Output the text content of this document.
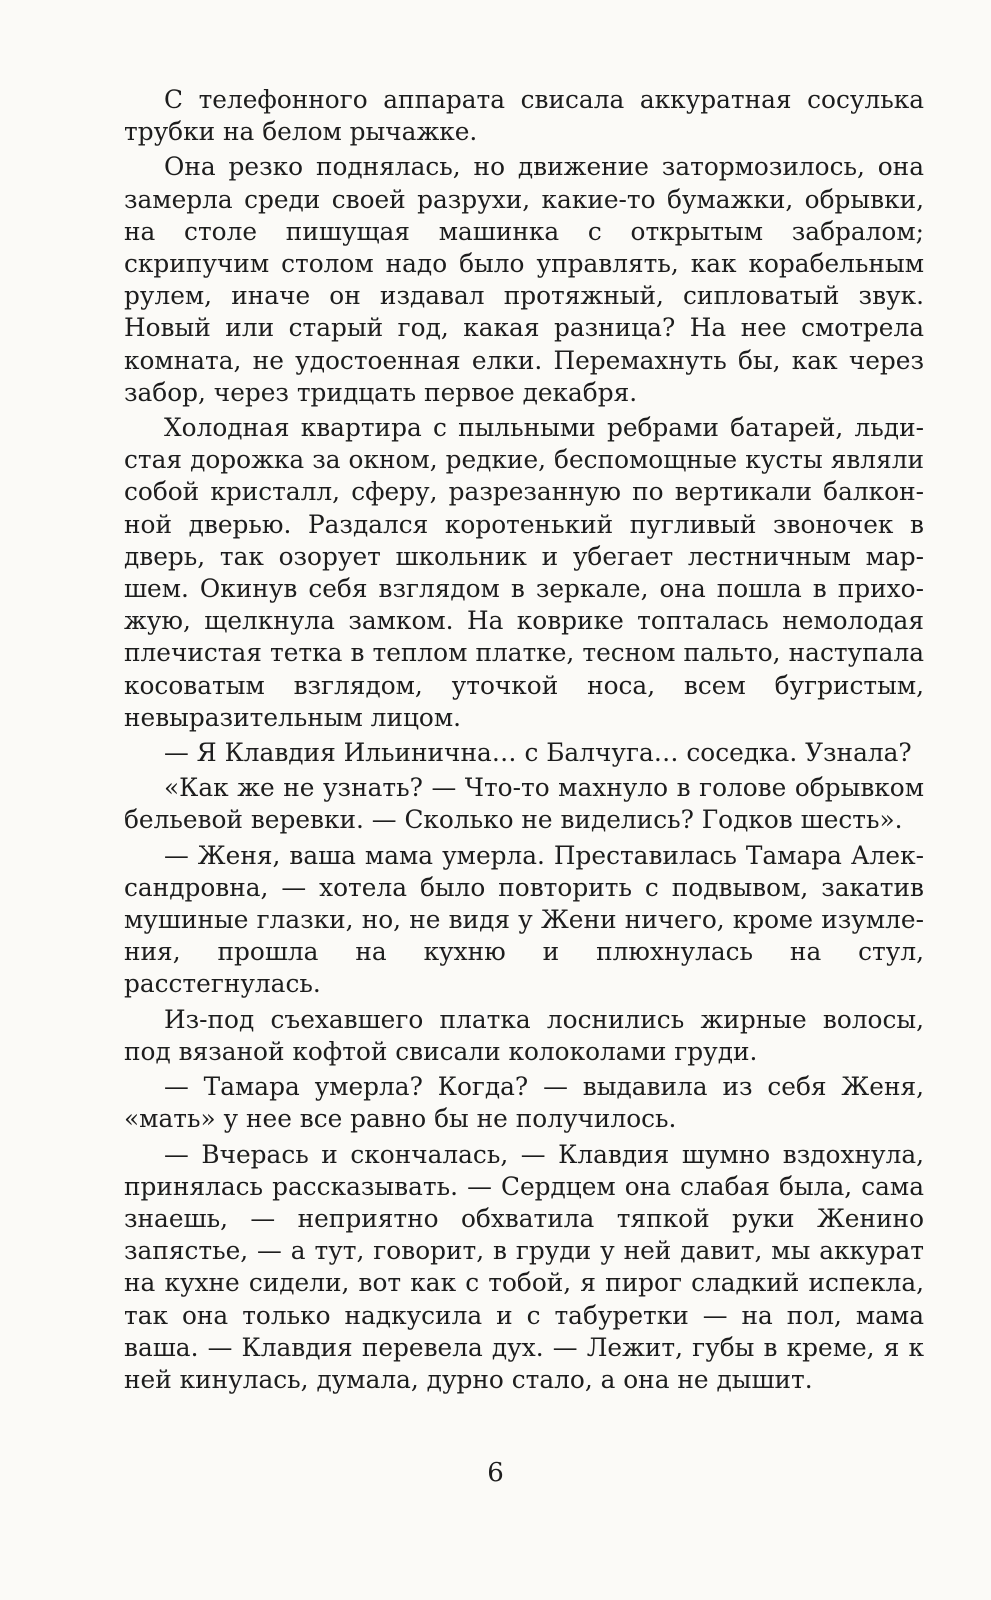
С телефонного аппарата свисала аккуратная сосулька трубки на белом рычажке.

Она резко поднялась, но движение затормозилось, она замерла среди своей разрухи, какие-то бумажки, обрывки, на столе пишущая машинка с открытым забралом; скрипучим столом надо было управлять, как корабельным рулем, иначе он издавал протяжный, сипловатый звук. Новый или старый год, какая разница? На нее смотрела комната, не удостоенная елки. Перемахнуть бы, как через забор, через тридцать первое декабря.

Холодная квартира с пыльными ребрами батарей, льдистая дорожка за окном, редкие, беспомощные кусты являли собой кристалл, сферу, разрезанную по вертикали балконной дверью. Раздался коротенький пугливый звоночек в дверь, так озорует школьник и убегает лестничным маршем. Окинув себя взглядом в зеркале, она пошла в прихожую, щелкнула замком. На коврике топталась немолодая плечистая тетка в теплом платке, тесном пальто, наступала косоватым взглядом, уточкой носа, всем бугристым, невыразительным лицом.

— Я Клавдия Ильинична… с Балчуга… соседка. Узнала?

«Как же не узнать? — Что-то махнуло в голове обрывком бельевой веревки. — Сколько не виделись? Годков шесть».

— Женя, ваша мама умерла. Преставилась Тамара Александровна, — хотела было повторить с подвывом, закатив мушиные глазки, но, не видя у Жени ничего, кроме изумления, прошла на кухню и плюхнулась на стул, расстегнулась.

Из-под съехавшего платка лоснились жирные волосы, под вязаной кофтой свисали колоколами груди.

— Тамара умерла? Когда? — выдавила из себя Женя, «мать» у нее все равно бы не получилось.

— Вчерась и скончалась, — Клавдия шумно вздохнула, принялась рассказывать. — Сердцем она слабая была, сама знаешь, — неприятно обхватила тяпкой руки Женино запястье, — а тут, говорит, в груди у ней давит, мы аккурат на кухне сидели, вот как с тобой, я пирог сладкий испекла, так она только надкусила и с табуретки — на пол, мама ваша. — Клавдия перевела дух. — Лежит, губы в креме, я к ней кинулась, думала, дурно стало, а она не дышит.

6
